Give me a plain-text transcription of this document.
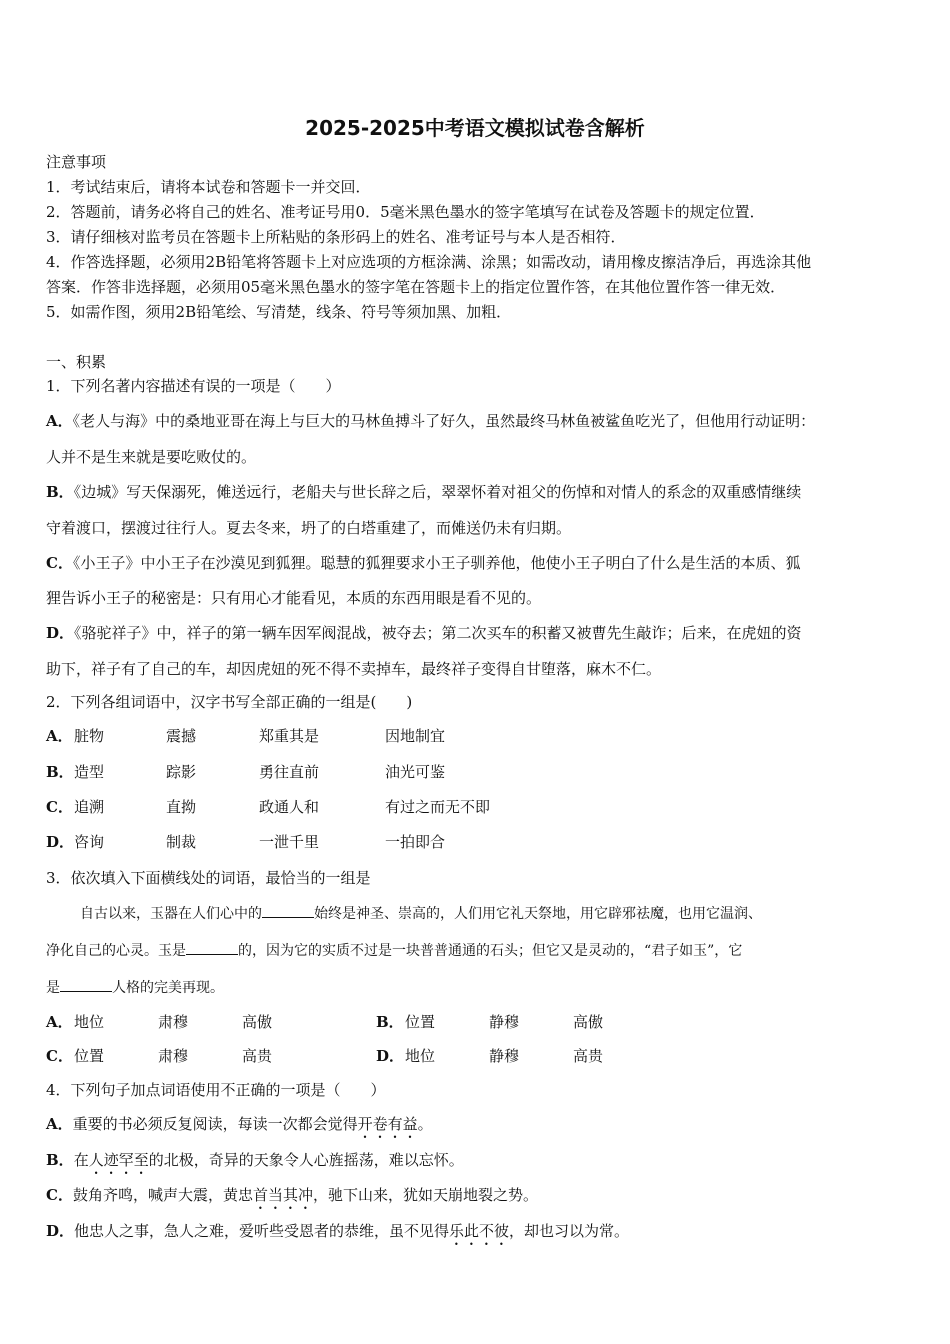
2025-2025中考语文模拟试卷含解析
注意事项
1．考试结束后，请将本试卷和答题卡一并交回．
2．答题前，请务必将自己的姓名、准考证号用0．5毫米黑色墨水的签字笔填写在试卷及答题卡的规定位置．
3．请仔细核对监考员在答题卡上所粘贴的条形码上的姓名、准考证号与本人是否相符．
4．作答选择题，必须用2B铅笔将答题卡上对应选项的方框涂满、涂黑；如需改动，请用橡皮擦洁净后，再选涂其他
答案．作答非选择题，必须用05毫米黑色墨水的签字笔在答题卡上的指定位置作答，在其他位置作答一律无效．
5．如需作图，须用2B铅笔绘、写清楚，线条、符号等须加黑、加粗．
一、积累
1．下列名著内容描述有误的一项是（　　）
A．《老人与海》中的桑地亚哥在海上与巨大的马林鱼搏斗了好久，虽然最终马林鱼被鲨鱼吃光了，但他用行动证明：
人并不是生来就是要吃败仗的。
B．《边城》写天保溺死，傩送远行，老船夫与世长辞之后，翠翠怀着对祖父的伤悼和对情人的系念的双重感情继续
守着渡口，摆渡过往行人。夏去冬来，坍了的白塔重建了，而傩送仍未有归期。
C．《小王子》中小王子在沙漠见到狐狸。聪慧的狐狸要求小王子驯养他，他使小王子明白了什么是生活的本质、狐
狸告诉小王子的秘密是：只有用心才能看见，本质的东西用眼是看不见的。
D．《骆驼祥子》中，祥子的第一辆车因军阀混战，被夺去；第二次买车的积蓄又被曹先生敲诈；后来，在虎妞的资
助下，祥子有了自己的车，却因虎妞的死不得不卖掉车，最终祥子变得自甘堕落，麻木不仁。
2．下列各组词语中，汉字书写全部正确的一组是(　　)
A． 脏物	震撼	郑重其是	因地制宜
B． 造型	踪影	勇往直前	油光可鉴
C． 追溯	直拗	政通人和	有过之而无不即
D． 咨询	制裁	一泄千里	一拍即合
3．依次填入下面横线处的词语，最恰当的一组是
自古以来，玉器在人们心中的	始终是神圣、崇高的，人们用它礼天祭地，用它辟邪祛魔，也用它温润、
净化自己的心灵。玉是	的，因为它的实质不过是一块普普通通的石头；但它又是灵动的，“君子如玉”，它
是	人格的完美再现。
A． 地位	肃穆	高傲	B． 位置	静穆	高傲
C． 位置	肃穆	高贵	D． 地位	静穆	高贵
4．下列句子加点词语使用不正确的一项是（　　）
A．重要的书必须反复阅读，每读一次都会觉得开卷有益。
B．在人迹罕至的北极，奇异的天象令人心旌摇荡，难以忘怀。
C．鼓角齐鸣，喊声大震，黄忠首当其冲，驰下山来，犹如天崩地裂之势。
D．他忠人之事，急人之难，爱听些受恩者的恭维，虽不见得乐此不彼，却也习以为常。
